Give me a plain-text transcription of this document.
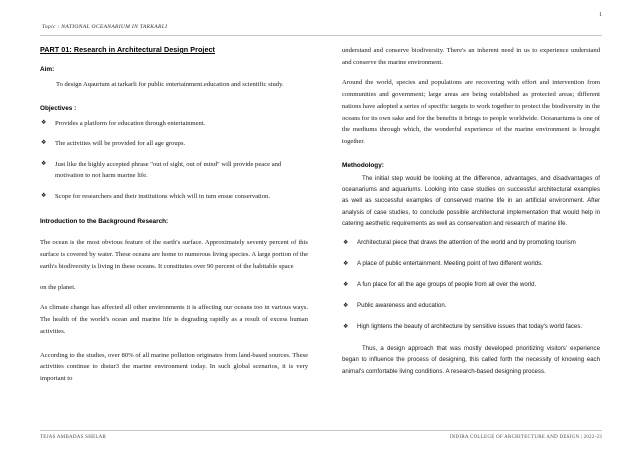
1
Topic : NATIONAL OCEANARIUM IN TARKARLI
PART 01: Research in Architectural Design Project
Aim:

To design Aqaurium at tarkarli for public entertainment.education and scientific study.

Objectives :
❖ Provides a platform for education through entertainment.
❖ The activities will be provided for all age groups.
❖ Just like the highly accepted phrase "out of sight, out of mind" will provide peace and motivation to not harm marine life.
❖ Scope for researchers and their institutions which will in turn ensue conservation.
Introduction to the Background Research:

The ocean is the most obvious feature of the earth's surface. Approximately seventy percent of this surface is covered by water. These oceans are home to numerous living species. A large portion of the earth's biodiversity is living in these oceans. It constitutes over 90 percent of the habitable space

on the planet.

As climate change has affected all other environments it is affecting our oceans too in various ways. The health of the world's ocean and marine life is degrading rapidly as a result of excess human activities.

According to the studies, over 80% of all marine pollution originates from land-based sources. These activities continue to distur3 the marine environment today. In such global scenarios, it is very important to

understand and conserve biodiversity. There's an inherent need in us to experience understand and conserve the marine environment.

Around the world, species and populations are recovering with effort and intervention from communities and government; large areas are being established as protected areas; different nations have adopted a series of specific targets to work together to protect the biodiversity in the oceans for its own sake and for the benefits it brings to people worldwide. Oceanariums is one of the mediums through which, the wonderful experience of the marine environment is brought together.

Methodology:

The initial step would be looking at the difference, advantages, and disadvantages of oceanariums and aquariums. Looking into case studies on successful architectural examples as well as successful examples of conserved marine life in an artificial environment. After analysis of case studies, to conclude possible architectural implementation that would help in catering aesthetic requirements as well as conservation and research of marine life.

❖ Architectural piece that draws the attention of the world and by promoting tourism
❖ A place of public entertainment. Meeting point of two different worlds.
❖ A fun place for all the age groups of people from all over the world.
❖ Public awareness and education.
❖ High lightens the beauty of architecture by sensitive issues that today's world faces.

Thus, a design approach that was mostly developed prioritizing visitors' experience began to influence the process of designing, this called forth the necessity of knowing each animal's comfortable living conditions. A research-based designing process.

TEJAS AMBADAS SHELAR	INDIRA COLLEGE OF ARCHITECTURE AND DESIGN | 2022-23
